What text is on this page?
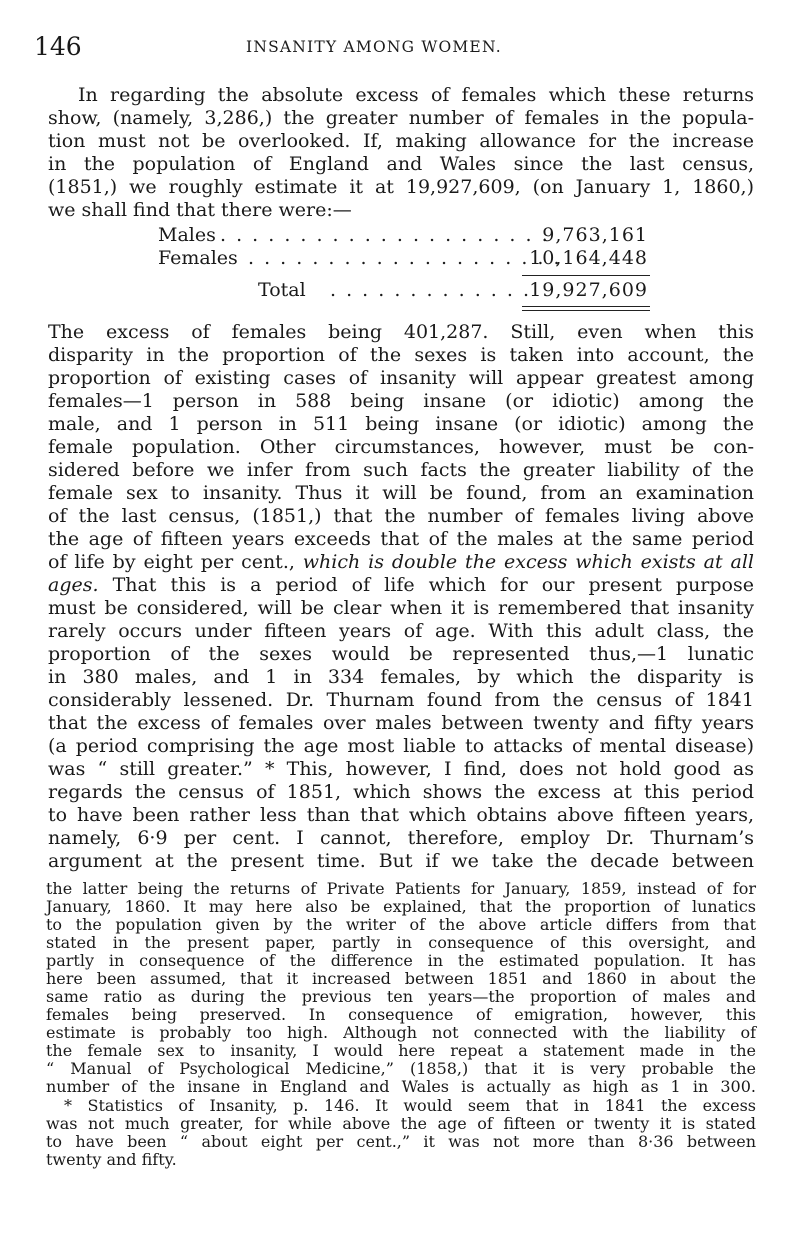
146	INSANITY AMONG WOMEN.
In regarding the absolute excess of females which these returns
show, (namely, 3,286,) the greater number of females in the popula-
tion must not be overlooked. If, making allowance for the increase
in the population of England and Wales since the last census,
(1851,) we roughly estimate it at 19,927,609, (on January 1, 1860,)
we shall find that there were:—
Males . . . . . . . . . . . . . . . . . . . . .
9,763,161
Females . . . . . . . . . . . . . . . . . . . .
10,164,448
Total . . . . . . . . . . . . .
19,927,609
The excess of females being 401,287. Still, even when this
disparity in the proportion of the sexes is taken into account, the
proportion of existing cases of insanity will appear greatest among
females—1 person in 588 being insane (or idiotic) among the
male, and 1 person in 511 being insane (or idiotic) among the
female population. Other circumstances, however, must be con-
sidered before we infer from such facts the greater liability of the
female sex to insanity. Thus it will be found, from an examination
of the last census, (1851,) that the number of females living above
the age of fifteen years exceeds that of the males at the same period
of life by eight per cent., which is double the excess which exists at all
ages. That this is a period of life which for our present purpose
must be considered, will be clear when it is remembered that insanity
rarely occurs under fifteen years of age. With this adult class, the
proportion of the sexes would be represented thus,—1 lunatic
in 380 males, and 1 in 334 females, by which the disparity is
considerably lessened. Dr. Thurnam found from the census of 1841
that the excess of females over males between twenty and fifty years
(a period comprising the age most liable to attacks of mental disease)
was “ still greater.” * This, however, I find, does not hold good as
regards the census of 1851, which shows the excess at this period
to have been rather less than that which obtains above fifteen years,
namely, 6·9 per cent. I cannot, therefore, employ Dr. Thurnam’s
argument at the present time. But if we take the decade between
the latter being the returns of Private Patients for January, 1859, instead of for
January, 1860. It may here also be explained, that the proportion of lunatics
to the population given by the writer of the above article differs from that
stated in the present paper, partly in consequence of this oversight, and
partly in consequence of the difference in the estimated population. It has
here been assumed, that it increased between 1851 and 1860 in about the
same ratio as during the previous ten years—the proportion of males and
females being preserved. In consequence of emigration, however, this
estimate is probably too high. Although not connected with the liability of
the female sex to insanity, I would here repeat a statement made in the
“ Manual of Psychological Medicine,” (1858,) that it is very probable the
number of the insane in England and Wales is actually as high as 1 in 300.
* Statistics of Insanity, p. 146. It would seem that in 1841 the excess
was not much greater, for while above the age of fifteen or twenty it is stated
to have been “ about eight per cent.,” it was not more than 8·36 between
twenty and fifty.
